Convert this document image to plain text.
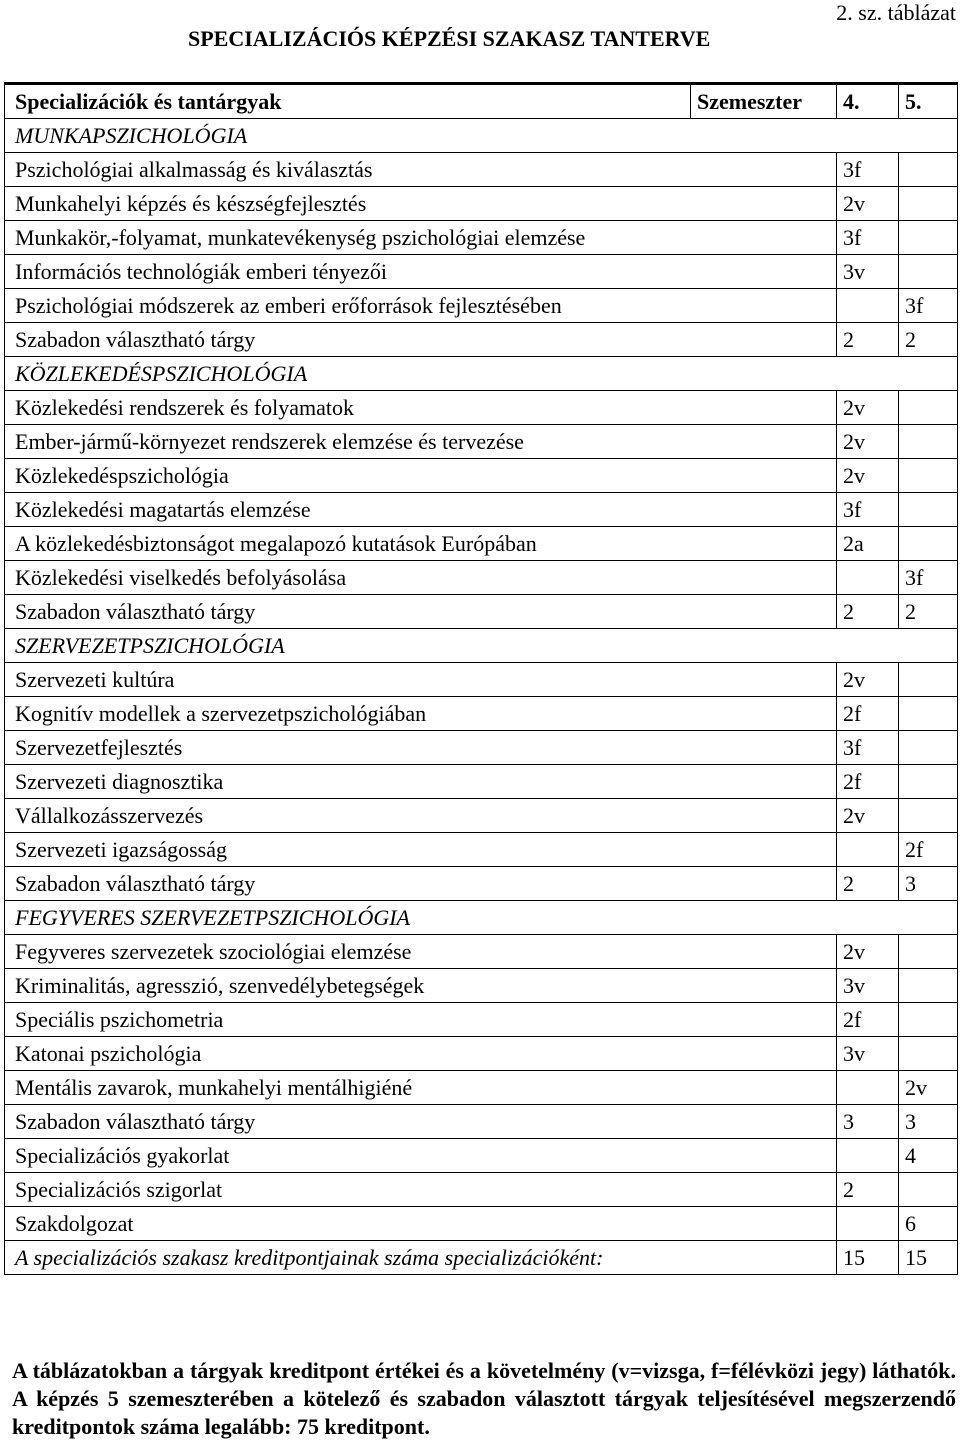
2. sz. táblázat
SPECIALIZÁCIÓS KÉPZÉSI SZAKASZ TANTERVE
Specializációk és tantárgyak	Szemeszter	4.	5.
MUNKAPSZICHOLÓGIA			
Pszichológiai alkalmasság és kiválasztás		3f	
Munkahelyi képzés és készségfejlesztés		2v	
Munkakör,-folyamat, munkatevékenység pszichológiai elemzése		3f	
Információs technológiák emberi tényezői		3v	
Pszichológiai módszerek az emberi erőforrások fejlesztésében			3f
Szabadon választható tárgy		2	2
KÖZLEKEDÉSPSZICHOLÓGIA			
Közlekedési rendszerek és folyamatok		2v	
Ember-jármű-környezet rendszerek elemzése és tervezése		2v	
Közlekedéspszichológia		2v	
Közlekedési magatartás elemzése		3f	
A közlekedésbiztonságot megalapozó kutatások Európában		2a	
Közlekedési viselkedés befolyásolása			3f
Szabadon választható tárgy		2	2
SZERVEZETPSZICHOLÓGIA			
Szervezeti kultúra		2v	
Kognitív modellek a szervezetpszichológiában		2f	
Szervezetfejlesztés		3f	
Szervezeti diagnosztika		2f	
Vállalkozásszervezés		2v	
Szervezeti igazságosság			2f
Szabadon választható tárgy		2	3
FEGYVERES SZERVEZETPSZICHOLÓGIA			
Fegyveres szervezetek szociológiai elemzése		2v	
Kriminalitás, agresszió, szenvedélybetegségek		3v	
Speciális pszichometria		2f	
Katonai pszichológia		3v	
Mentális zavarok, munkahelyi mentálhigiéné			2v
Szabadon választható tárgy		3	3
Specializációs gyakorlat			4
Specializációs szigorlat		2	
Szakdolgozat			6
A specializációs szakasz kreditpontjainak száma specializációként:		15	15
A táblázatokban a tárgyak kreditpont értékei és a követelmény (v=vizsga, f=félévközi jegy) láthatók. A képzés 5 szemeszterében a kötelező és szabadon választott tárgyak teljesítésével megszerzendő kreditpontok száma legalább: 75 kreditpont.
